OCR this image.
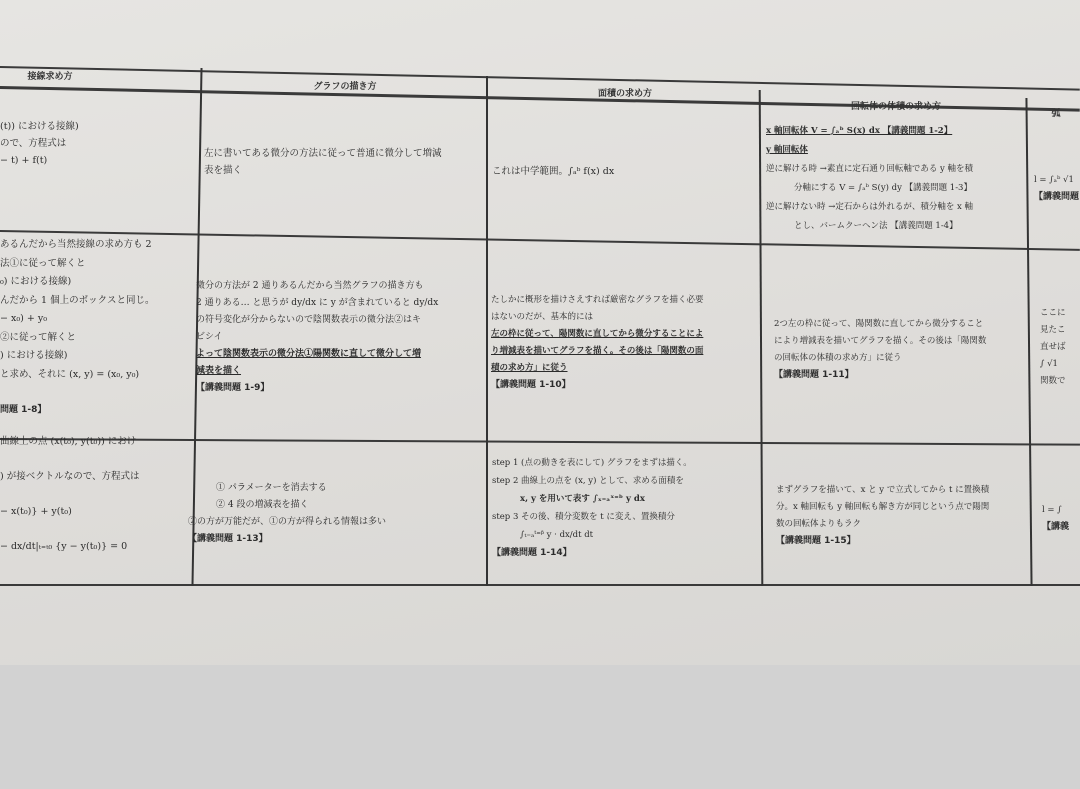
接線求め方
グラフの描き方
面積の求め方
回転体の体積の求め方
弧
(t)) における接線)
ので、方程式は
− t) + f(t)
左に書いてある微分の方法に従って普通に微分して増減
表を描く	これは中学範囲。∫ₐᵇ f(x) dx
x 軸回転体 V = ∫ₐᵇ S(x) dx 【講義問題 1-2】
y 軸回転体
逆に解ける時 →素直に定石通り回転軸である y 軸を積
分軸にする V = ∫ₐᵇ S(y) dy 【講義問題 1-3】
逆に解けない時 →定石からは外れるが、積分軸を x 軸
とし、バームクーヘン法 【講義問題 1-4】
l = ∫ₐᵇ √1
【講義問題
あるんだから当然接線の求め方も 2
法①に従って解くと
₀) における接線)
んだから 1 個上のボックスと同じ。
− x₀) + y₀
②に従って解くと
) における接線)
と求め、それに (x, y) = (x₀, y₀)
問題 1-8】
微分の方法が 2 通りあるんだから当然グラフの描き方も
2 通りある… と思うが dy/dx に y が含まれていると dy/dx
の符号変化が分からないので陰関数表示の微分法②はキ
ビシイ
よって陰関数表示の微分法①陽関数に直して微分して増
減表を描く
【講義問題 1-9】
たしかに概形を描けさえすれば厳密なグラフを描く必要
はないのだが、基本的には
左の枠に従って、陽関数に直してから微分することによ
り増減表を描いてグラフを描く。その後は「陽関数の面
積の求め方」に従う
【講義問題 1-10】
2つ左の枠に従って、陽関数に直してから微分すること
により増減表を描いてグラフを描く。その後は「陽関数
の回転体の体積の求め方」に従う
【講義問題 1-11】
ここに
見たこ
直せば
∫ √1
関数で
曲線上の点 (x(t₀), y(t₀)) におけ
) が接ベクトルなので、方程式は
− x(t₀)} + y(t₀)
− dx/dt|ₜ₌ₜ₀ {y − y(t₀)} = 0
① パラメーターを消去する
② 4 段の増減表を描く
②の方が万能だが、①の方が得られる情報は多い
【講義問題 1-13】
step 1 (点の動きを表にして) グラフをまずは描く。
step 2 曲線上の点を (x, y) として、求める面積を
x, y を用いて表す ∫ₓ₌ₐˣ⁼ᵇ y dx
step 3 その後、積分変数を t に変え、置換積分
∫ₜ₌ₐᵗ⁼ᵝ y · dx/dt dt
【講義問題 1-14】
まずグラフを描いて、x と y で立式してから t に置換積
分。x 軸回転も y 軸回転も解き方が同じという点で陽関
数の回転体よりもラク
【講義問題 1-15】
l = ∫
【講義
